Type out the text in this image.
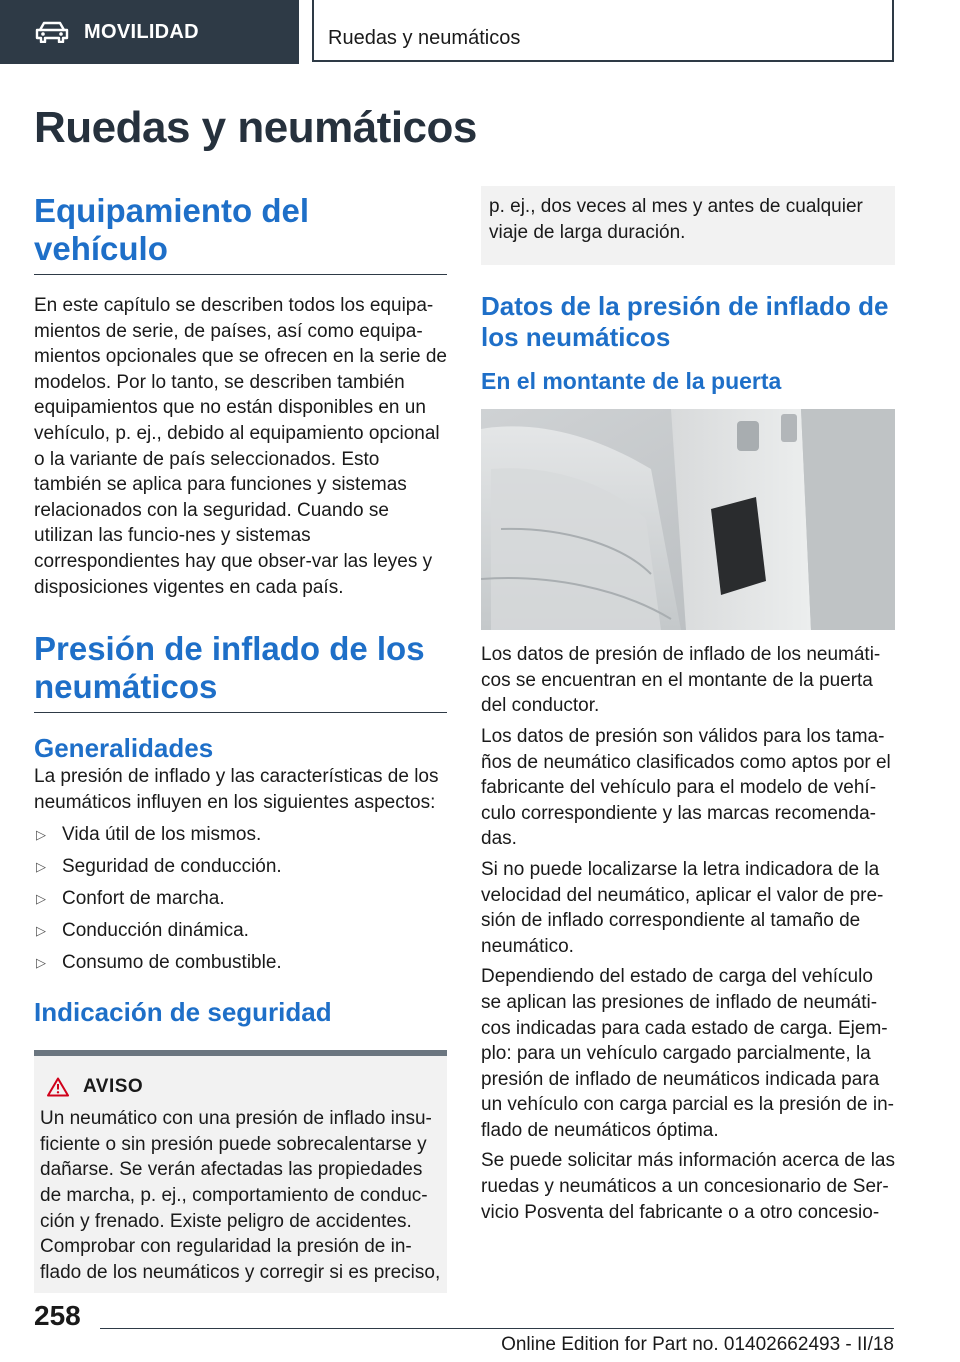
MOVILIDAD	Ruedas y neumáticos
Ruedas y neumáticos
Equipamiento del vehículo

En este capítulo se describen todos los equipa-mientos de serie, de países, así como equipa-mientos opcionales que se ofrecen en la serie de modelos. Por lo tanto, se describen también equipamientos que no están disponibles en un vehículo, p. ej., debido al equipamiento opcional o la variante de país seleccionados. Esto también se aplica para funciones y sistemas relacionados con la seguridad. Cuando se utilizan las funcio-nes y sistemas correspondientes hay que obser-var las leyes y disposiciones vigentes en cada país.

Presión de inflado de los neumáticos
Generalidades

La presión de inflado y las características de los neumáticos influyen en los siguientes aspectos:

▷ Vida útil de los mismos.
▷ Seguridad de conducción.
▷ Confort de marcha.
▷ Conducción dinámica.
▷ Consumo de combustible.
Indicación de seguridad
AVISO

Un neumático con una presión de inflado insu-ficiente o sin presión puede sobrecalentarse y dañarse. Se verán afectadas las propiedades de marcha, p. ej., comportamiento de conduc-ción y frenado. Existe peligro de accidentes. Comprobar con regularidad la presión de in-flado de los neumáticos y corregir si es preciso,

p. ej., dos veces al mes y antes de cualquier viaje de larga duración.

Datos de la presión de inflado de los neumáticos
En el montante de la puerta

Los datos de presión de inflado de los neumáti-cos se encuentran en el montante de la puerta del conductor.

Los datos de presión son válidos para los tama-ños de neumático clasificados como aptos por el fabricante del vehículo para el modelo de vehí-culo correspondiente y las marcas recomenda-das.

Si no puede localizarse la letra indicadora de la velocidad del neumático, aplicar el valor de pre-sión de inflado correspondiente al tamaño de neumático.

Dependiendo del estado de carga del vehículo se aplican las presiones de inflado de neumáti-cos indicadas para cada estado de carga. Ejem-plo: para un vehículo cargado parcialmente, la presión de inflado de neumáticos indicada para un vehículo con carga parcial es la presión de in-flado de neumáticos óptima.

Se puede solicitar más información acerca de las ruedas y neumáticos a un concesionario de Ser-vicio Posventa del fabricante o a otro concesio-

258
Online Edition for Part no. 01402662493 - II/18
